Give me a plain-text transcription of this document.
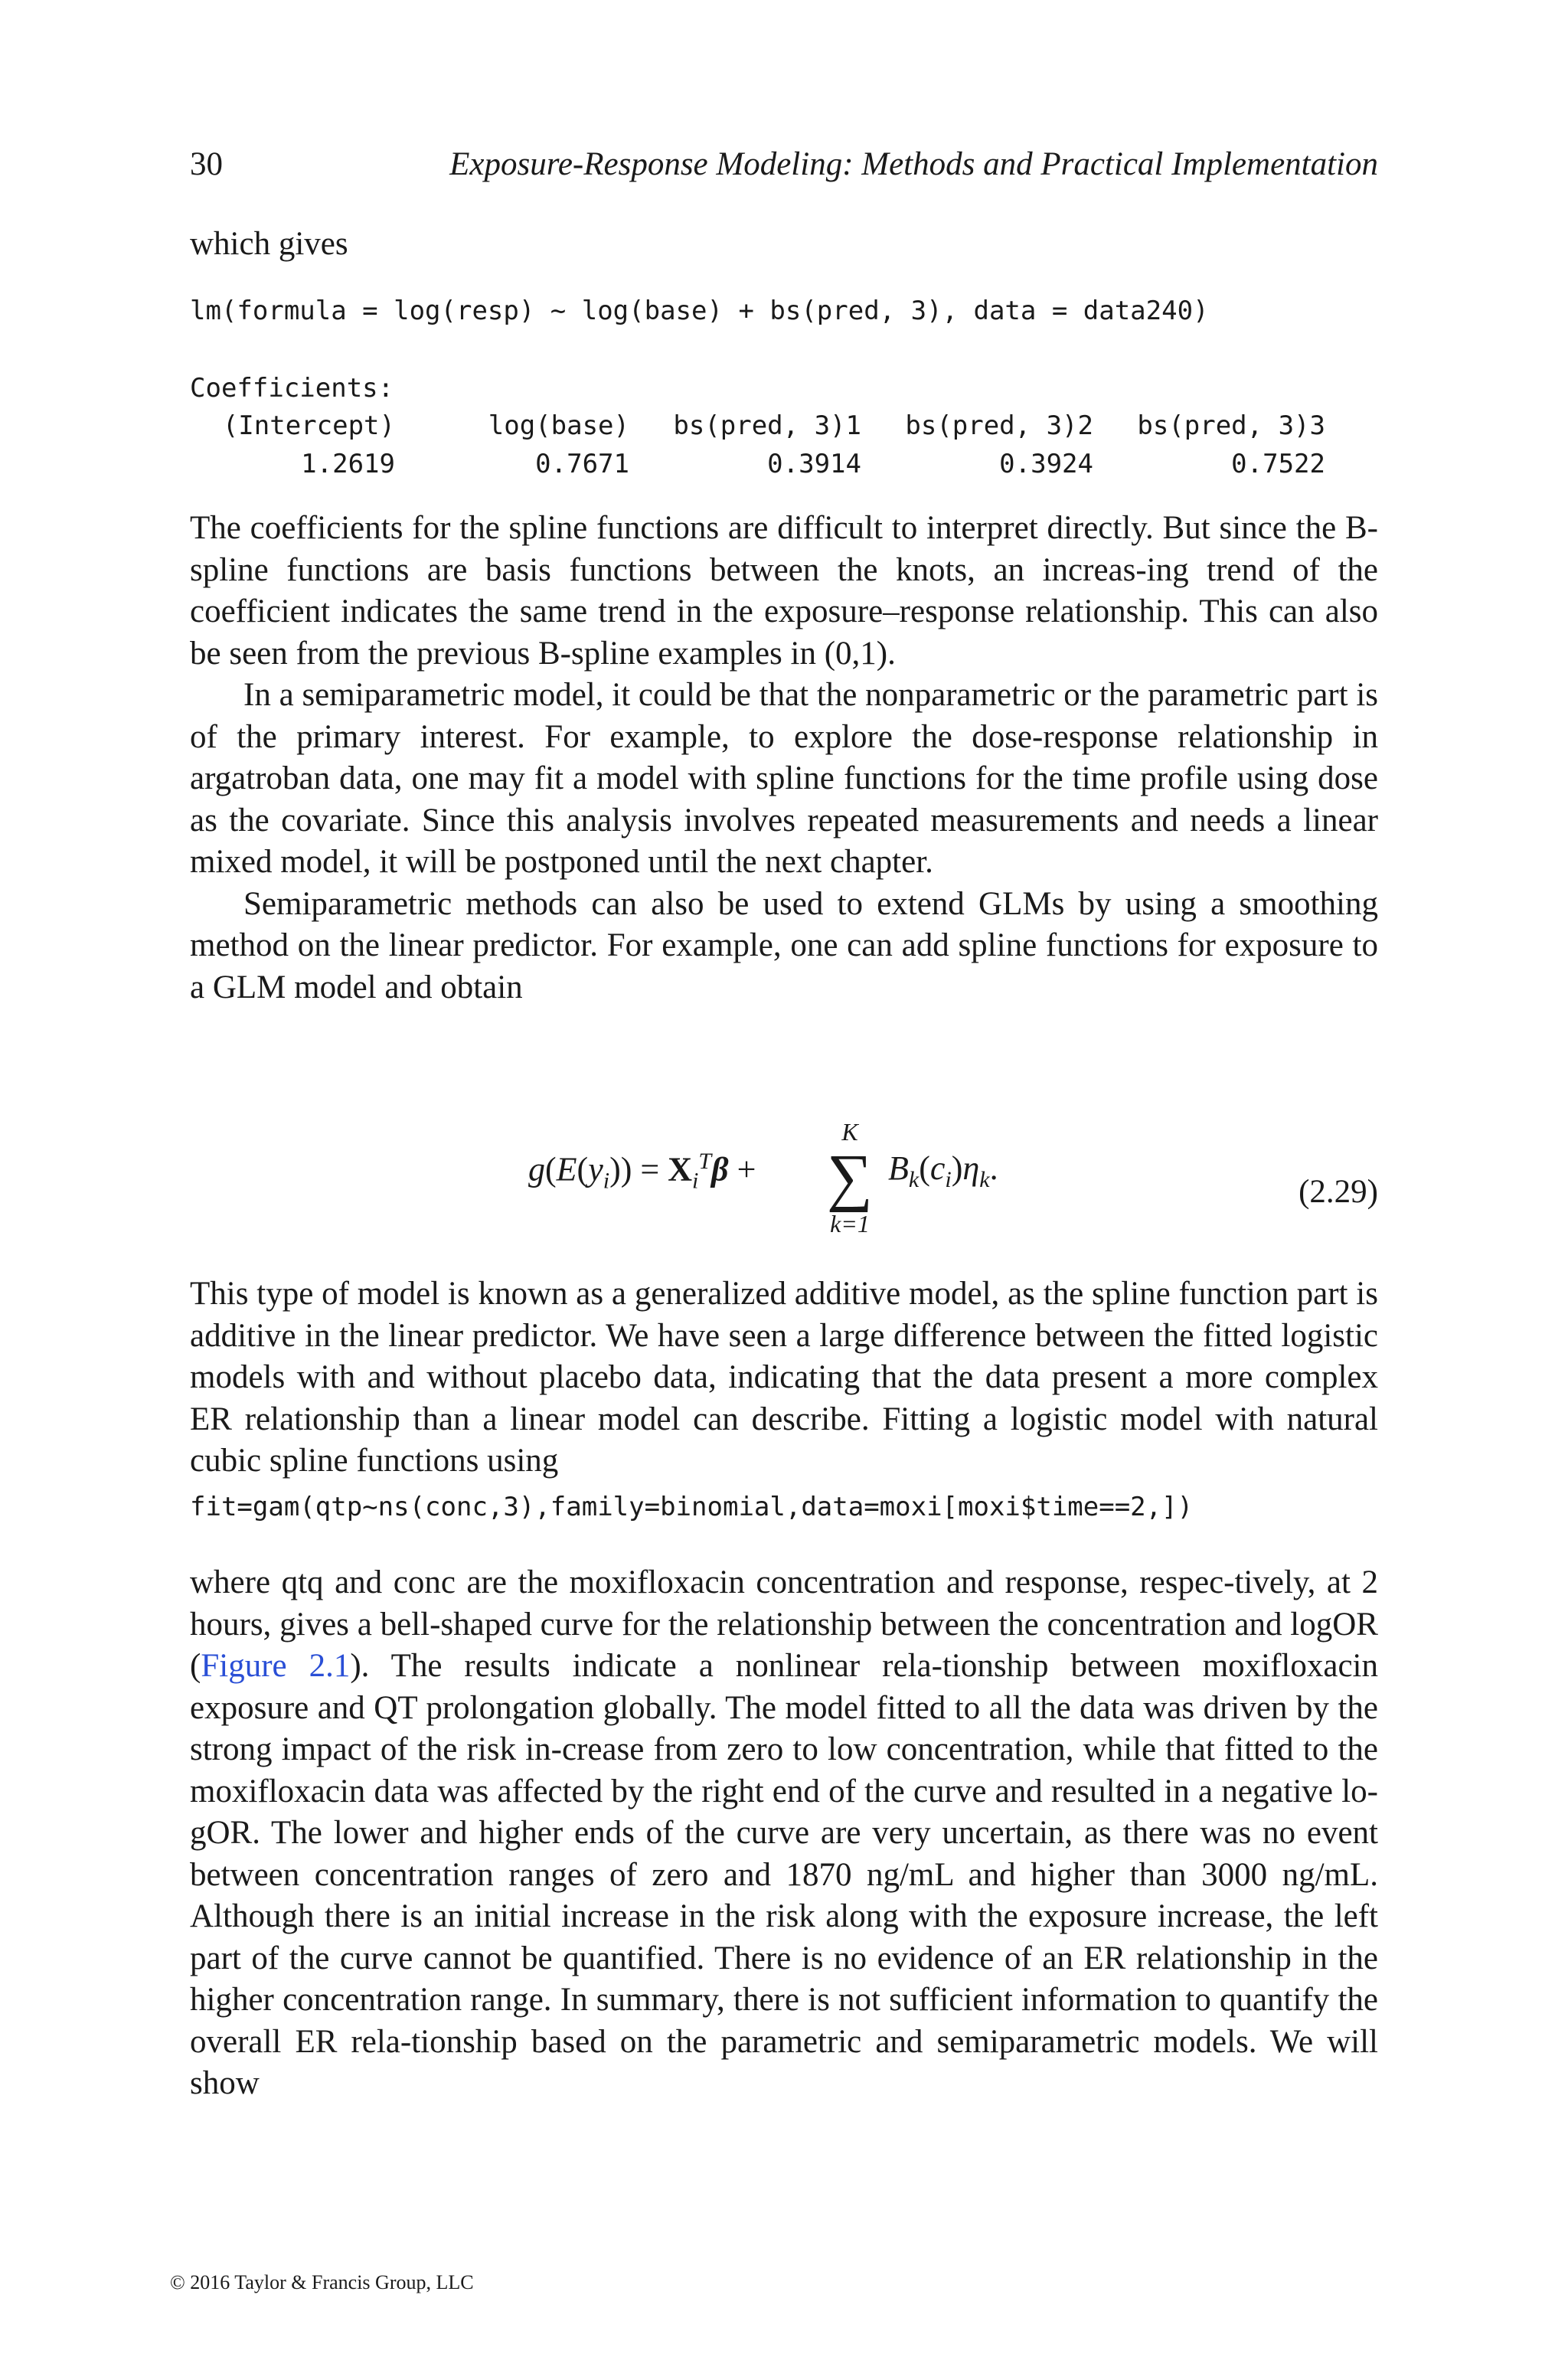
30	Exposure-Response Modeling: Methods and Practical Implementation

which gives

lm(formula = log(resp) ~ log(base) + bs(pred, 3), data = data240)
Coefficients:
(Intercept)	log(base)	bs(pred, 3)1	bs(pred, 3)2	bs(pred, 3)3
1.2619	0.7671	0.3914	0.3924	0.7522

The coefficients for the spline functions are difficult to interpret directly. But since the B-spline functions are basis functions between the knots, an increas-ing trend of the coefficient indicates the same trend in the exposure–response relationship. This can also be seen from the previous B-spline examples in (0,1).

In a semiparametric model, it could be that the nonparametric or the parametric part is of the primary interest. For example, to explore the dose-response relationship in argatroban data, one may fit a model with spline functions for the time profile using dose as the covariate. Since this analysis involves repeated measurements and needs a linear mixed model, it will be postponed until the next chapter.

Semiparametric methods can also be used to extend GLMs by using a smoothing method on the linear predictor. For example, one can add spline functions for exposure to a GLM model and obtain

$g(E(y_i)) = X_i^T\beta$ +
K
∑
k=1
$B_k(c_i)\eta_k$.
(2.29)

This type of model is known as a generalized additive model, as the spline function part is additive in the linear predictor. We have seen a large difference between the fitted logistic models with and without placebo data, indicating that the data present a more complex ER relationship than a linear model can describe. Fitting a logistic model with natural cubic spline functions using

fit=gam(qtp~ns(conc,3),family=binomial,data=moxi[moxi$time==2,])

where qtq and conc are the moxifloxacin concentration and response, respec-tively, at 2 hours, gives a bell-shaped curve for the relationship between the concentration and logOR (Figure 2.1). The results indicate a nonlinear rela-tionship between moxifloxacin exposure and QT prolongation globally. The model fitted to all the data was driven by the strong impact of the risk in-crease from zero to low concentration, while that fitted to the moxifloxacin data was affected by the right end of the curve and resulted in a negative lo-gOR. The lower and higher ends of the curve are very uncertain, as there was no event between concentration ranges of zero and 1870 ng/mL and higher than 3000 ng/mL. Although there is an initial increase in the risk along with the exposure increase, the left part of the curve cannot be quantified. There is no evidence of an ER relationship in the higher concentration range. In summary, there is not sufficient information to quantify the overall ER rela-tionship based on the parametric and semiparametric models. We will show

© 2016 Taylor & Francis Group, LLC
